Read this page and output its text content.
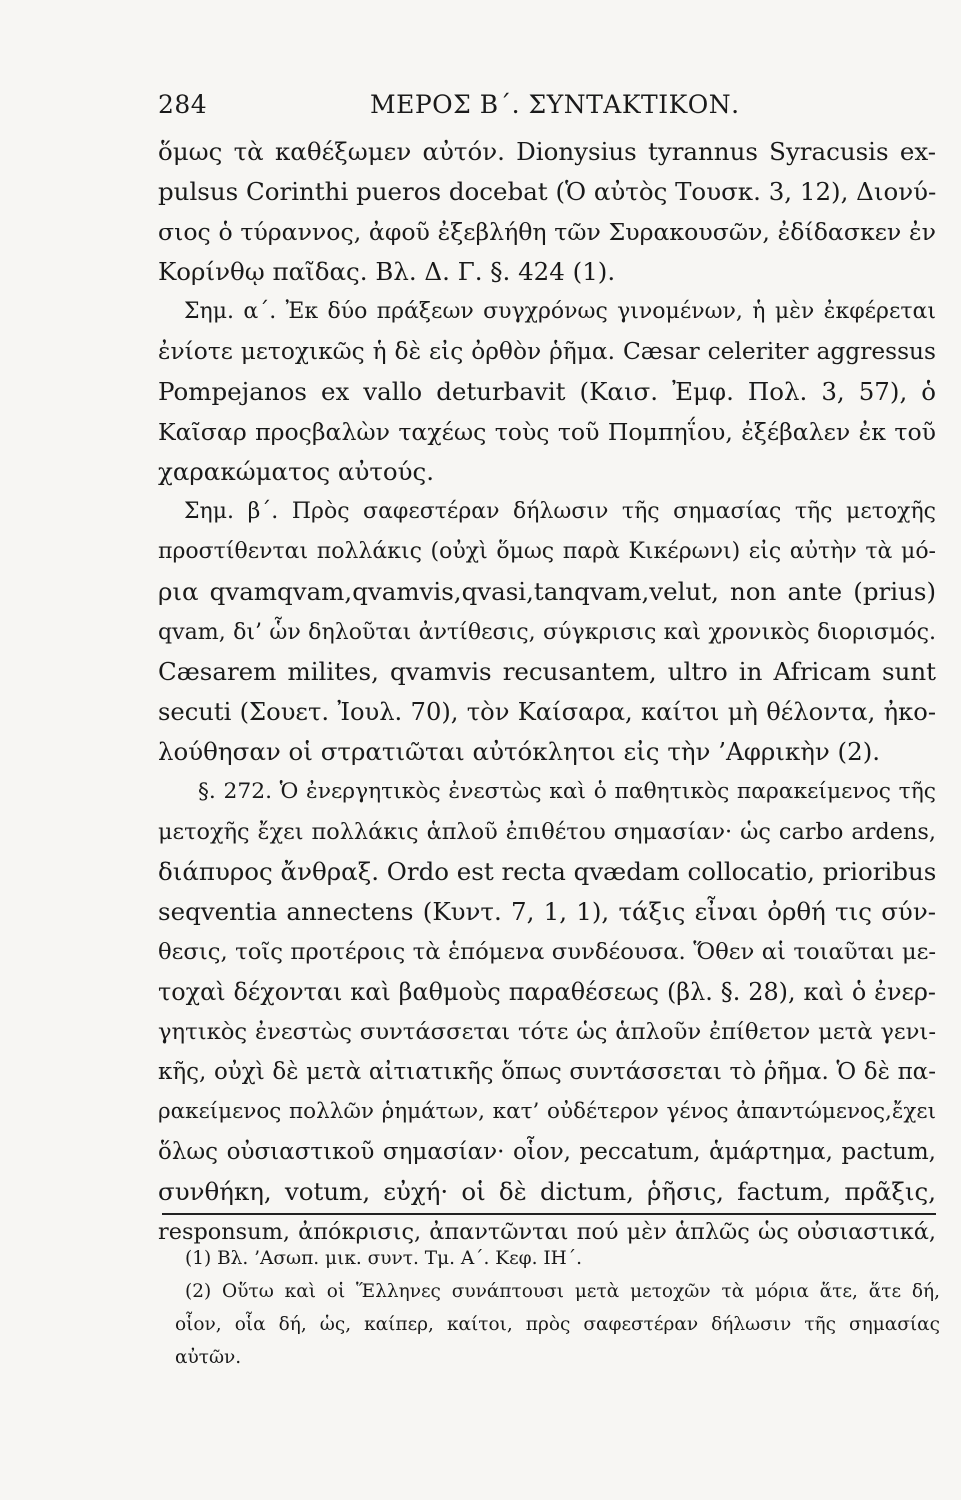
284	ΜΕΡΟΣ Β΄. ΣΥΝΤΑΚΤΙΚΟΝ.
ὅμως τὰ καθέξωμεν αὐτόν. Dionysius tyrannus Syracusis ex-
pulsus Corinthi pueros docebat (Ὁ αὐτὸς Τουσκ. 3, 12), Διονύ-
σιος ὁ τύραννος, ἀφοῦ ἐξεβλήθη τῶν Συρακουσῶν, ἐδίδασκεν ἐν
Κορίνθῳ παῖδας. Βλ. Δ. Γ. §. 424 (1).
Σημ. α΄. Ἐκ δύο πράξεων συγχρόνως γινομένων, ἡ μὲν ἐκφέρεται
ἐνίοτε μετοχικῶς ἡ δὲ εἰς ὀρθὸν ῥῆμα. Cæsar celeriter aggressus
Pompejanos ex vallo deturbavit (Καισ. Ἐμφ. Πολ. 3, 57), ὁ
Καῖσαρ προςβαλὼν ταχέως τοὺς τοῦ Πομπηΐου, ἐξέβαλεν ἐκ τοῦ
χαρακώματος αὐτούς.
Σημ. β΄. Πρὸς σαφεστέραν δήλωσιν τῆς σημασίας τῆς μετοχῆς
προστίθενται πολλάκις (οὐχὶ ὅμως παρὰ Κικέρωνι) εἰς αὐτὴν τὰ μό-
ρια qvamqvam,qvamvis,qvasi,tanqvam,velut, non ante (prius)
qvam, δι’ ὧν δηλοῦται ἀντίθεσις, σύγκρισις καὶ χρονικὸς διορισμός.
Cæsarem milites, qvamvis recusantem, ultro in Africam sunt
secuti (Σουετ. Ἰουλ. 70), τὸν Καίσαρα, καίτοι μὴ θέλοντα, ἠκο-
λούθησαν οἱ στρατιῶται αὐτόκλητοι εἰς τὴν ’Αφρικὴν (2).
§. 272. Ὁ ἐνεργητικὸς ἐνεστὼς καὶ ὁ παθητικὸς παρακείμενος τῆς
μετοχῆς ἔχει πολλάκις ἁπλοῦ ἐπιθέτου σημασίαν· ὡς carbo ardens,
διάπυρος ἄνθραξ. Ordo est recta qvædam collocatio, prioribus
seqventia annectens (Κυντ. 7, 1, 1), τάξις εἶναι ὀρθή τις σύν-
θεσις, τοῖς προτέροις τὰ ἑπόμενα συνδέουσα. Ὅθεν αἱ τοιαῦται με-
τοχαὶ δέχονται καὶ βαθμοὺς παραθέσεως (βλ. §. 28), καὶ ὁ ἐνερ-
γητικὸς ἐνεστὼς συντάσσεται τότε ὡς ἁπλοῦν ἐπίθετον μετὰ γενι-
κῆς, οὐχὶ δὲ μετὰ αἰτιατικῆς ὅπως συντάσσεται τὸ ῥῆμα. Ὁ δὲ πα-
ρακείμενος πολλῶν ῥημάτων, κατ’ οὐδέτερον γένος ἀπαντώμενος,ἔχει
ὅλως οὐσιαστικοῦ σημασίαν· οἷον, peccatum, ἁμάρτημα, pactum,
συνθήκη, votum, εὐχή· οἱ δὲ dictum, ῥῆσις, factum, πρᾶξις,
responsum, ἀπόκρισις, ἀπαντῶνται πού μὲν ἁπλῶς ὡς οὐσιαστικά,
(1) Βλ. ’Ασωπ. μικ. συντ. Τμ. Α΄. Κεφ. ΙΗ΄.
(2) Οὕτω καὶ οἱ Ἕλληνες συνάπτουσι μετὰ μετοχῶν τὰ μόρια ἅτε, ἅτε δή,
οἷον, οἷα δή, ὡς, καίπερ, καίτοι, πρὸς σαφεστέραν δήλωσιν τῆς σημασίας
αὐτῶν.
